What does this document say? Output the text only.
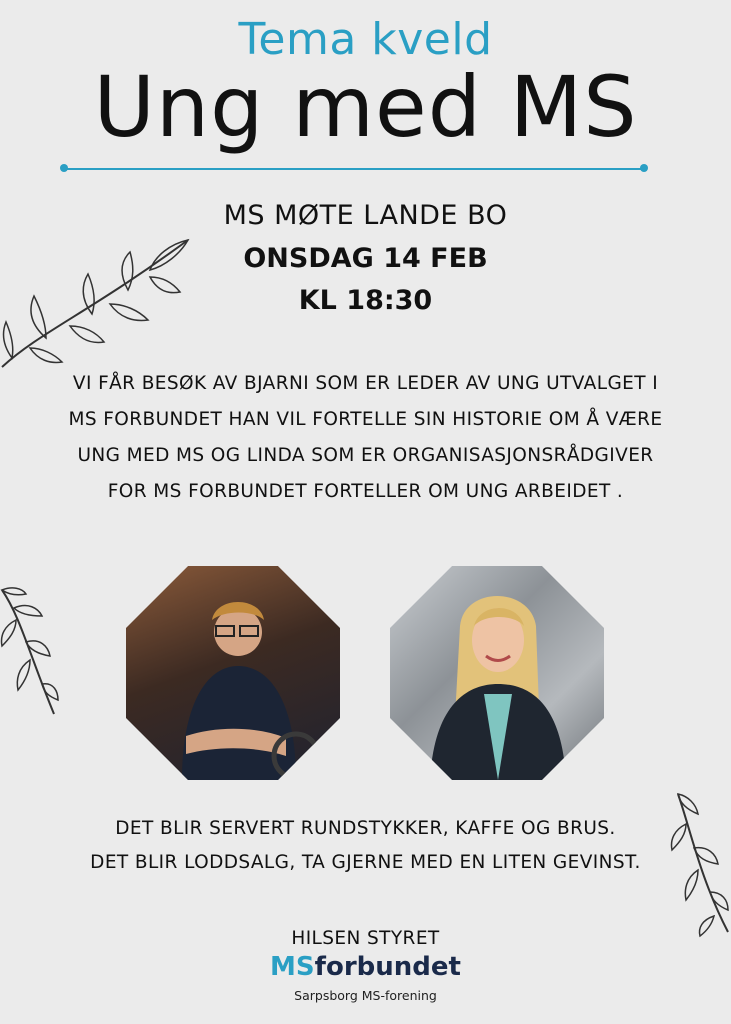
Tema kveld
Ung med MS
MS MØTE LANDE BO
ONSDAG 14 FEB
KL 18:30
VI FÅR BESØK AV BJARNI SOM ER LEDER AV UNG UTVALGET I
MS FORBUNDET HAN VIL FORTELLE SIN HISTORIE OM Å VÆRE
UNG MED MS OG LINDA SOM ER ORGANISASJONSRÅDGIVER
FOR MS FORBUNDET FORTELLER OM UNG ARBEIDET .
DET BLIR SERVERT RUNDSTYKKER, KAFFE OG BRUS.
DET BLIR LODDSALG, TA GJERNE MED EN LITEN GEVINST.
HILSEN STYRET
MSforbundet
Sarpsborg MS-forening
